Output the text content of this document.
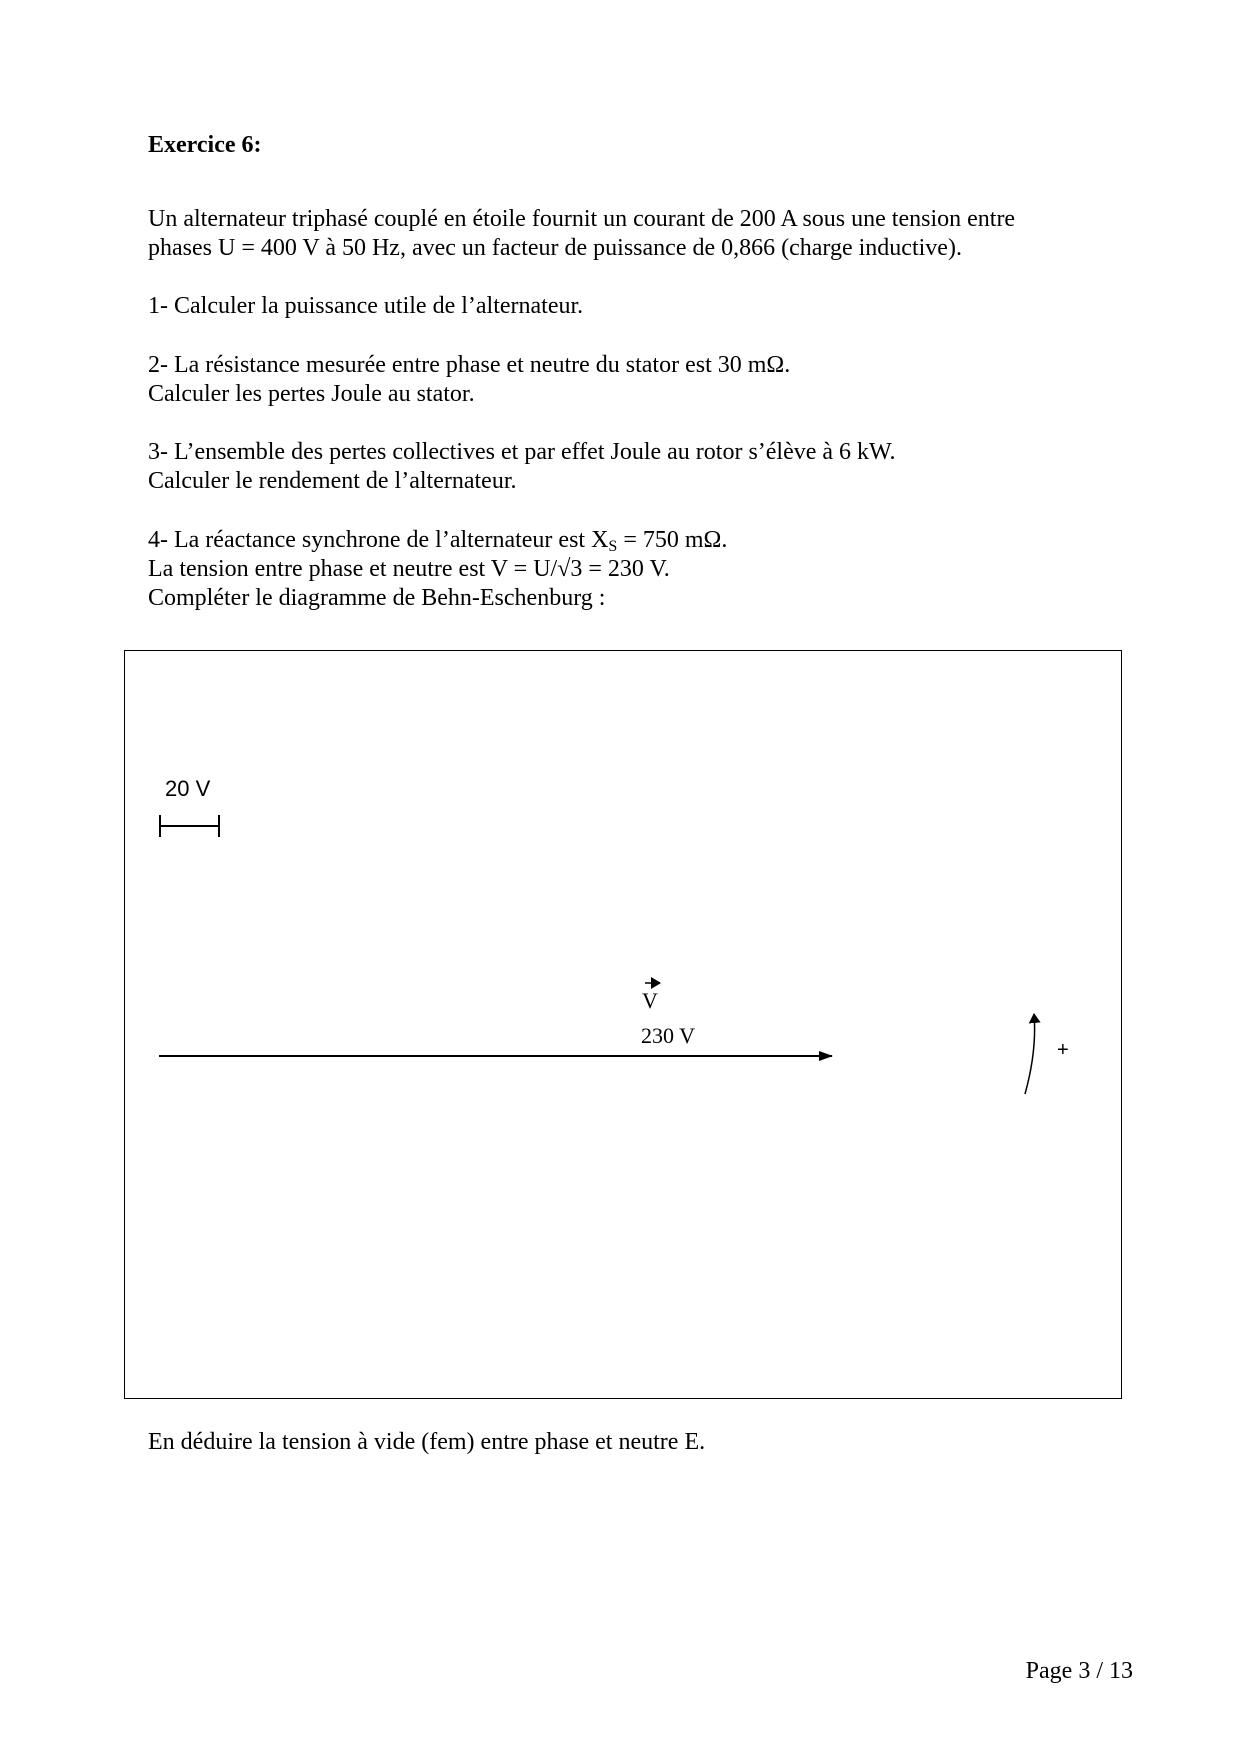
Exercice 6:

Un alternateur triphasé couplé en étoile fournit un courant de 200 A sous une tension entre

phases U = 400 V à 50 Hz, avec un facteur de puissance de 0,866 (charge inductive).

1- Calculer la puissance utile de l’alternateur.

2- La résistance mesurée entre phase et neutre du stator est 30 mΩ.

Calculer les pertes Joule au stator.

3- L’ensemble des pertes collectives et par effet Joule au rotor s’élève à 6 kW.

Calculer le rendement de l’alternateur.

4- La réactance synchrone de l’alternateur est $X_S = 750$ mΩ.

La tension entre phase et neutre est V = U/√3 = 230 V.

Compléter le diagramme de Behn-Eschenburg :

20 V
V
230 V
+

En déduire la tension à vide (fem) entre phase et neutre E.

Page 3 / 13
